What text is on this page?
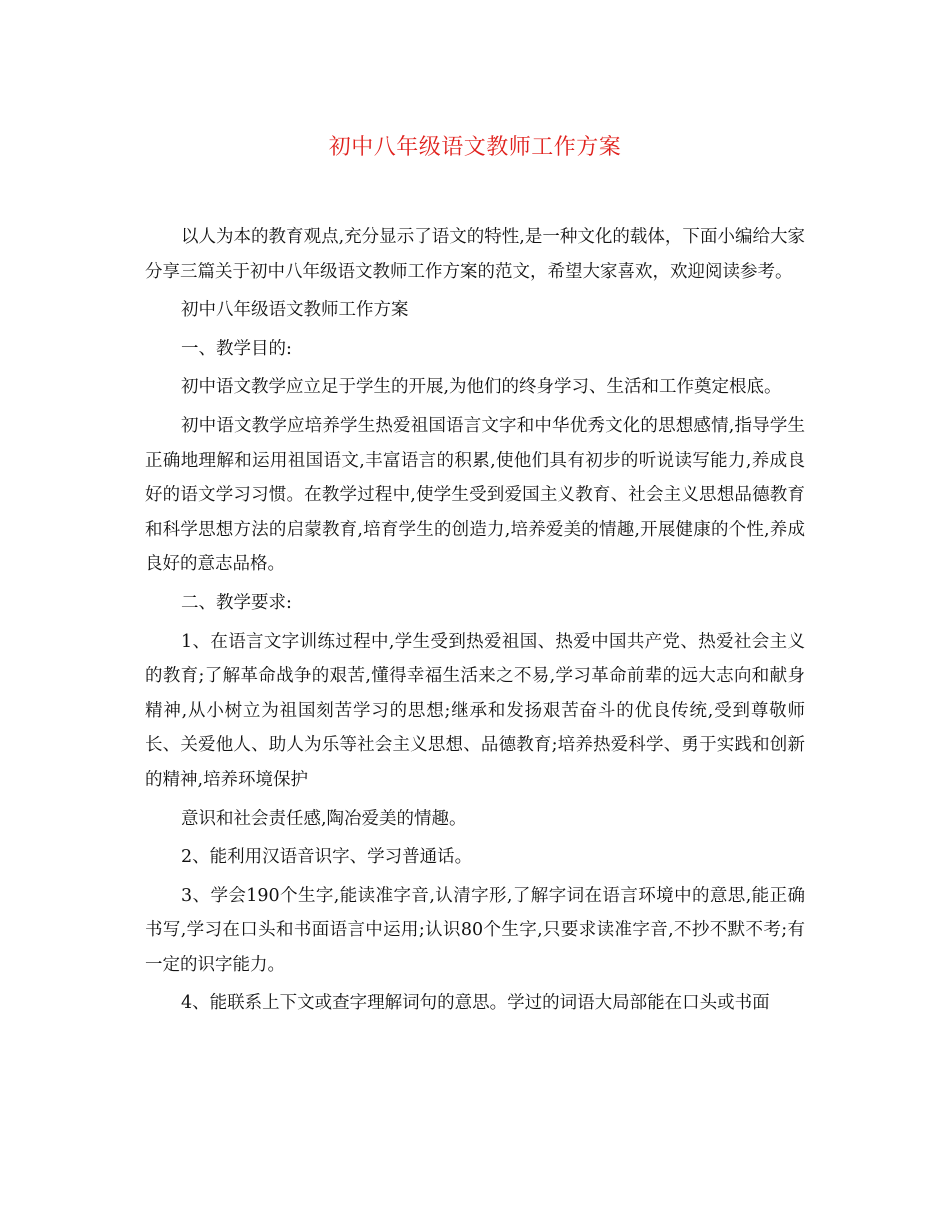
初中八年级语文教师工作方案

以人为本的教育观点,充分显示了语文的特性,是一种文化的载体，下面小编给大家分享三篇关于初中八年级语文教师工作方案的范文，希望大家喜欢，欢迎阅读参考。

初中八年级语文教师工作方案

一、教学目的:

初中语文教学应立足于学生的开展,为他们的终身学习、生活和工作奠定根底。

初中语文教学应培养学生热爱祖国语言文字和中华优秀文化的思想感情,指导学生正确地理解和运用祖国语文,丰富语言的积累,使他们具有初步的听说读写能力,养成良好的语文学习习惯。在教学过程中,使学生受到爱国主义教育、社会主义思想品德教育和科学思想方法的启蒙教育,培育学生的创造力,培养爱美的情趣,开展健康的个性,养成良好的意志品格。

二、教学要求:

1、在语言文字训练过程中,学生受到热爱祖国、热爱中国共产党、热爱社会主义的教育;了解革命战争的艰苦,懂得幸福生活来之不易,学习革命前辈的远大志向和献身精神,从小树立为祖国刻苦学习的思想;继承和发扬艰苦奋斗的优良传统,受到尊敬师长、关爱他人、助人为乐等社会主义思想、品德教育;培养热爱科学、勇于实践和创新的精神,培养环境保护

意识和社会责任感,陶冶爱美的情趣。

2、能利用汉语音识字、学习普通话。

3、学会190个生字,能读准字音,认清字形,了解字词在语言环境中的意思,能正确书写,学习在口头和书面语言中运用;认识80个生字,只要求读准字音,不抄不默不考;有一定的识字能力。

4、能联系上下文或查字理解词句的意思。学过的词语大局部能在口头或书面
